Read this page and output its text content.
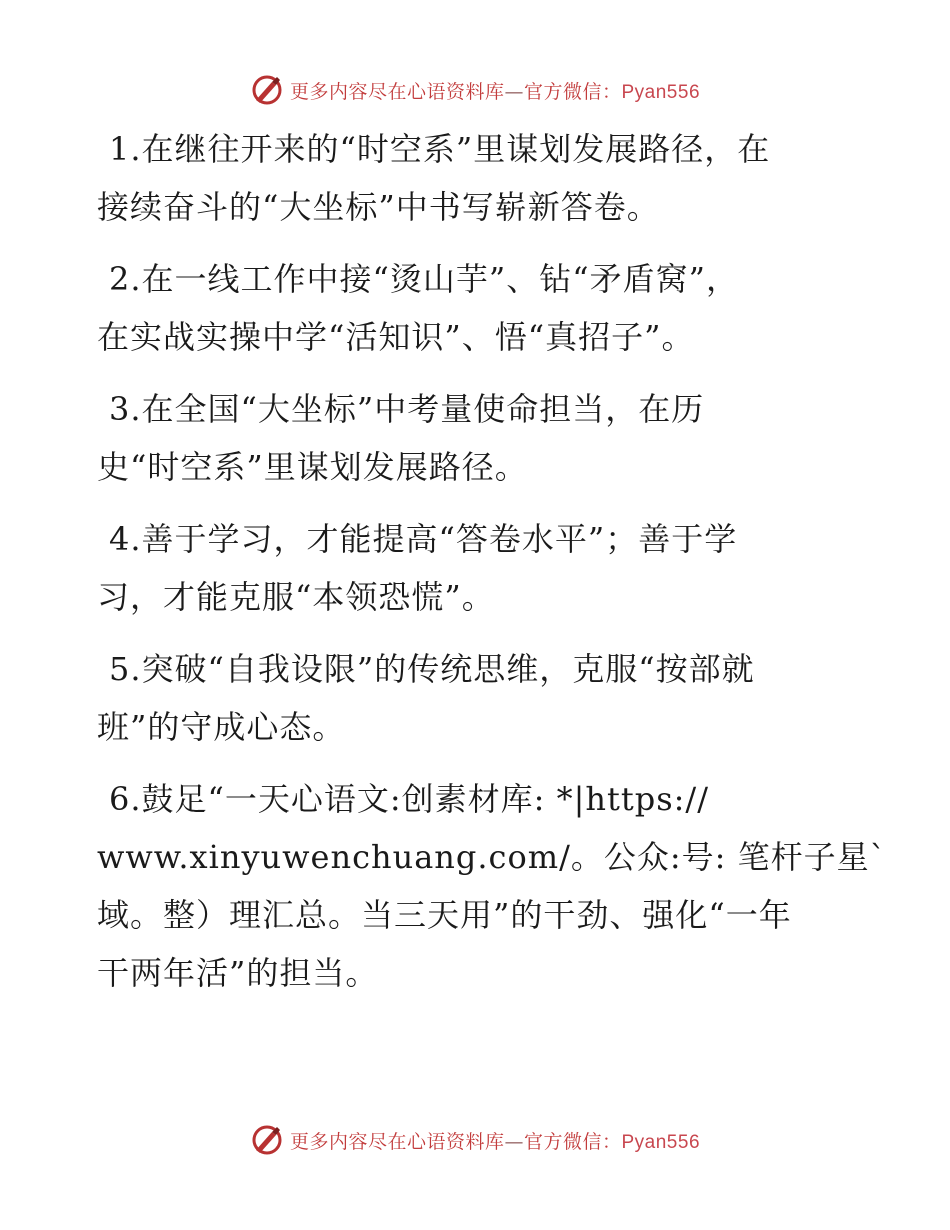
更多内容尽在心语资料库—官方微信：Pyan556
1.在继往开来的“时空系”里谋划发展路径，在
接续奋斗的“大坐标”中书写崭新答卷。
2.在一线工作中接“烫山芋”、钻“矛盾窝”，
在实战实操中学“活知识”、悟“真招子”。
3.在全国“大坐标”中考量使命担当，在历
史“时空系”里谋划发展路径。
4.善于学习，才能提高“答卷水平”；善于学
习，才能克服“本领恐慌”。
5.突破“自我设限”的传统思维，克服“按部就
班”的守成心态。
6.鼓足“一天心语文:创素材库: *|https://
www.xinyuwenchuang.com/。公众:号: 笔杆子星`
域。整）理汇总。当三天用”的干劲、强化“一年
干两年活”的担当。
更多内容尽在心语资料库—官方微信：Pyan556
